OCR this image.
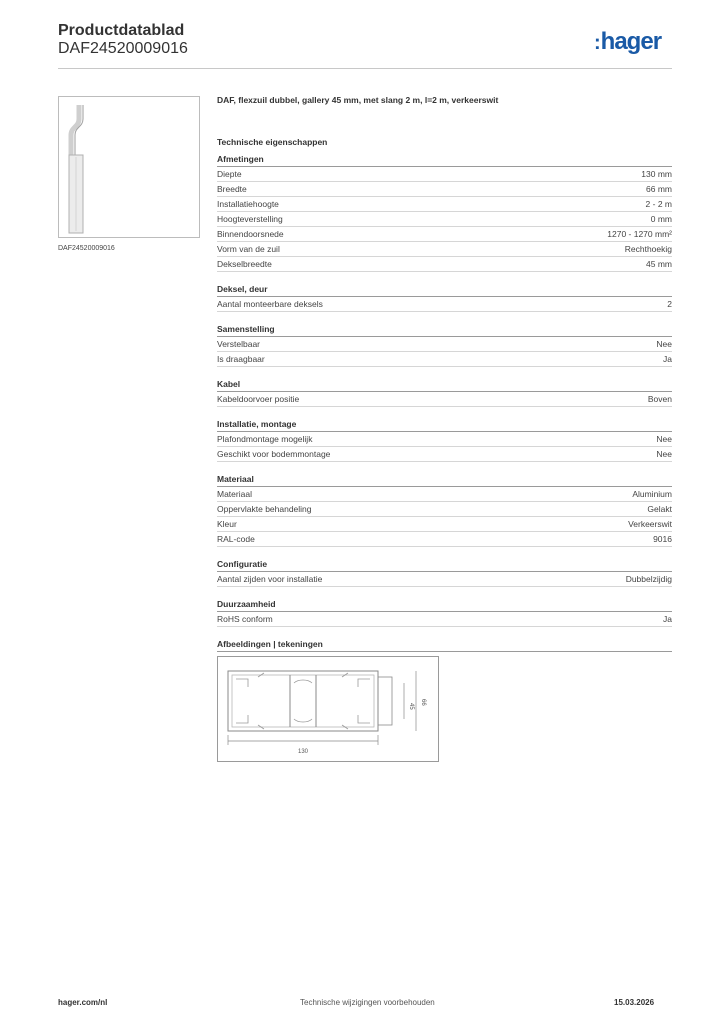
Productdatablad
DAF24520009016	:hager
DAF24520009016
DAF, flexzuil dubbel, gallery 45 mm, met slang 2 m, l=2 m, verkeerswit
Technische eigenschappen
Afmetingen
Diepte	130 mm
Breedte	66 mm
Installatiehoogte	2 - 2 m
Hoogteverstelling	0 mm
Binnendoorsnede	1270 - 1270 mm²
Vorm van de zuil	Rechthoekig
Dekselbreedte	45 mm
Deksel, deur
Aantal monteerbare deksels	2
Samenstelling
Verstelbaar	Nee
Is draagbaar	Ja
Kabel
Kabeldoorvoer positie	Boven
Installatie, montage
Plafondmontage mogelijk	Nee
Geschikt voor bodemmontage	Nee
Materiaal
Materiaal	Aluminium
Oppervlakte behandeling	Gelakt
Kleur	Verkeerswit
RAL-code	9016
Configuratie
Aantal zijden voor installatie	Dubbelzijdig
Duurzaamheid
RoHS conform	Ja
Afbeeldingen | tekeningen
130
45
66
hager.com/nl	Technische wijzigingen voorbehouden	15.03.2026
